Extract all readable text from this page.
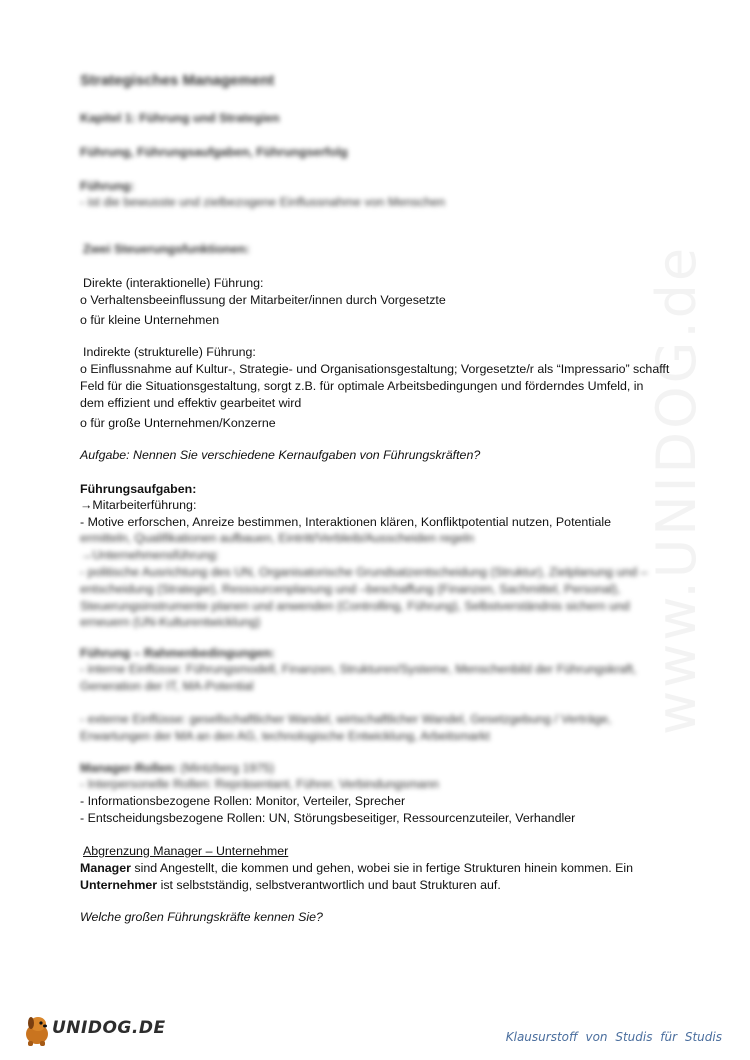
www.UNIDOG.de
Strategisches Management
Kapitel 1: Führung und Strategien
Führung, Führungsaufgaben, Führungserfolg
Führung:
- ist die bewusste und zielbezogene Einflussnahme von Menschen
Zwei Steuerungsfunktionen:
Direkte (interaktionelle) Führung:
o Verhaltensbeeinflussung der Mitarbeiter/innen durch Vorgesetzte
o für kleine Unternehmen
Indirekte (strukturelle) Führung:
o Einflussnahme auf Kultur-, Strategie- und Organisationsgestaltung; Vorgesetzte/r als “Impressario” schafft
Feld für die Situationsgestaltung, sorgt z.B. für optimale Arbeitsbedingungen und förderndes Umfeld, in
dem effizient und effektiv gearbeitet wird
o für große Unternehmen/Konzerne
Aufgabe: Nennen Sie verschiedene Kernaufgaben von Führungskräften?
Führungsaufgaben:
→Mitarbeiterführung:
- Motive erforschen, Anreize bestimmen, Interaktionen klären, Konfliktpotential nutzen, Potentiale
ermitteln, Qualifikationen aufbauen, Eintritt/Verbleib/Ausscheiden regeln
→Unternehmensführung:
- politische Ausrichtung des UN, Organisatorische Grundsatzentscheidung (Struktur), Zielplanung und –
entscheidung (Strategie), Ressourcenplanung und –beschaffung (Finanzen, Sachmittel, Personal),
Steuerungsinstrumente planen und anwenden (Controlling, Führung), Selbstverständnis sichern und
erneuern (UN-Kulturentwicklung)
Führung – Rahmenbedingungen:
- interne Einflüsse: Führungsmodell, Finanzen, Strukturen/Systeme, Menschenbild der Führungskraft,
Generation der IT, MA-Potential
- externe Einflüsse: gesellschaftlicher Wandel, wirtschaftlicher Wandel, Gesetzgebung / Verträge,
Erwartungen der MA an den AG, technologische Entwicklung, Arbeitsmarkt
Manager-Rollen: (Mintzberg 1975)
- Interpersonelle Rollen: Repräsentant, Führer, Verbindungsmann
- Informationsbezogene Rollen: Monitor, Verteiler, Sprecher
- Entscheidungsbezogene Rollen: UN, Störungsbeseitiger, Ressourcenzuteiler, Verhandler
Abgrenzung Manager – Unternehmer
Manager sind Angestellt, die kommen und gehen, wobei sie in fertige Strukturen hinein kommen. Ein
Unternehmer ist selbstständig, selbstverantwortlich und baut Strukturen auf.
Welche großen Führungskräfte kennen Sie?
UNIDOG.DE	Klausurstoff von Studis für Studis
